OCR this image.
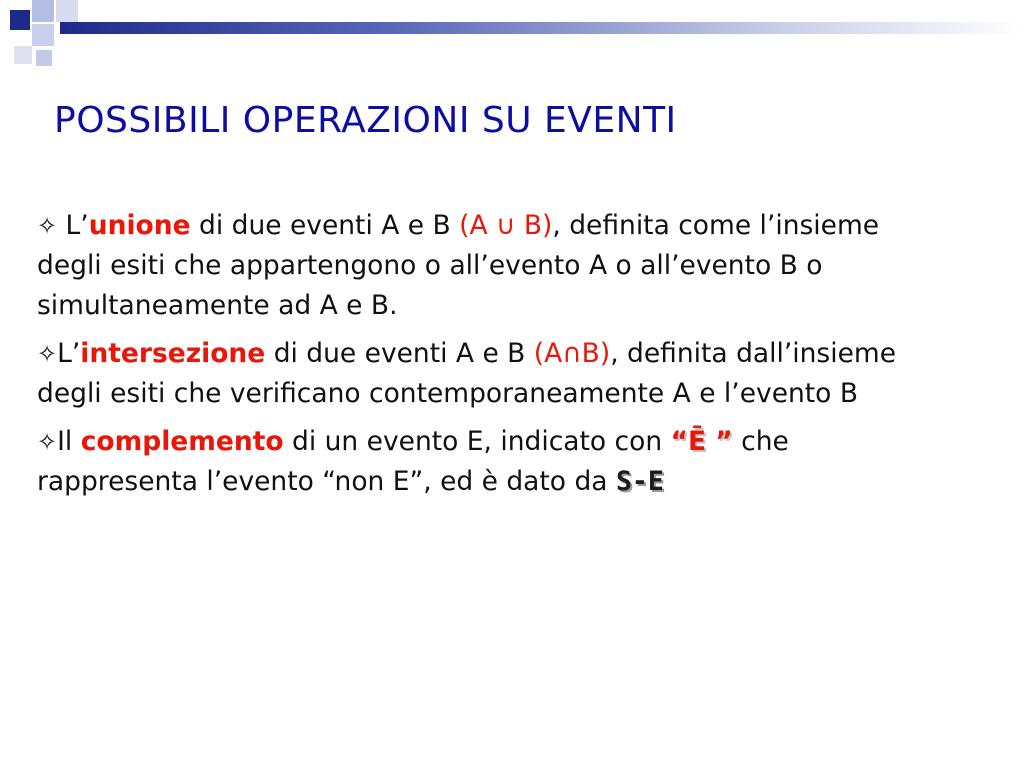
POSSIBILI OPERAZIONI SU EVENTI

✧ L’unione di due eventi A e B (A ∪ B), definita come l’insieme degli esiti che appartengono o all’evento A o all’evento B o simultaneamente ad A e B.

✧L’intersezione di due eventi A e B (A∩B), definita dall’insieme degli esiti che verificano contemporaneamente A e l’evento B

✧Il complemento di un evento E, indicato con “Ē ” che rappresenta l’evento “non E”, ed è dato da S-E
